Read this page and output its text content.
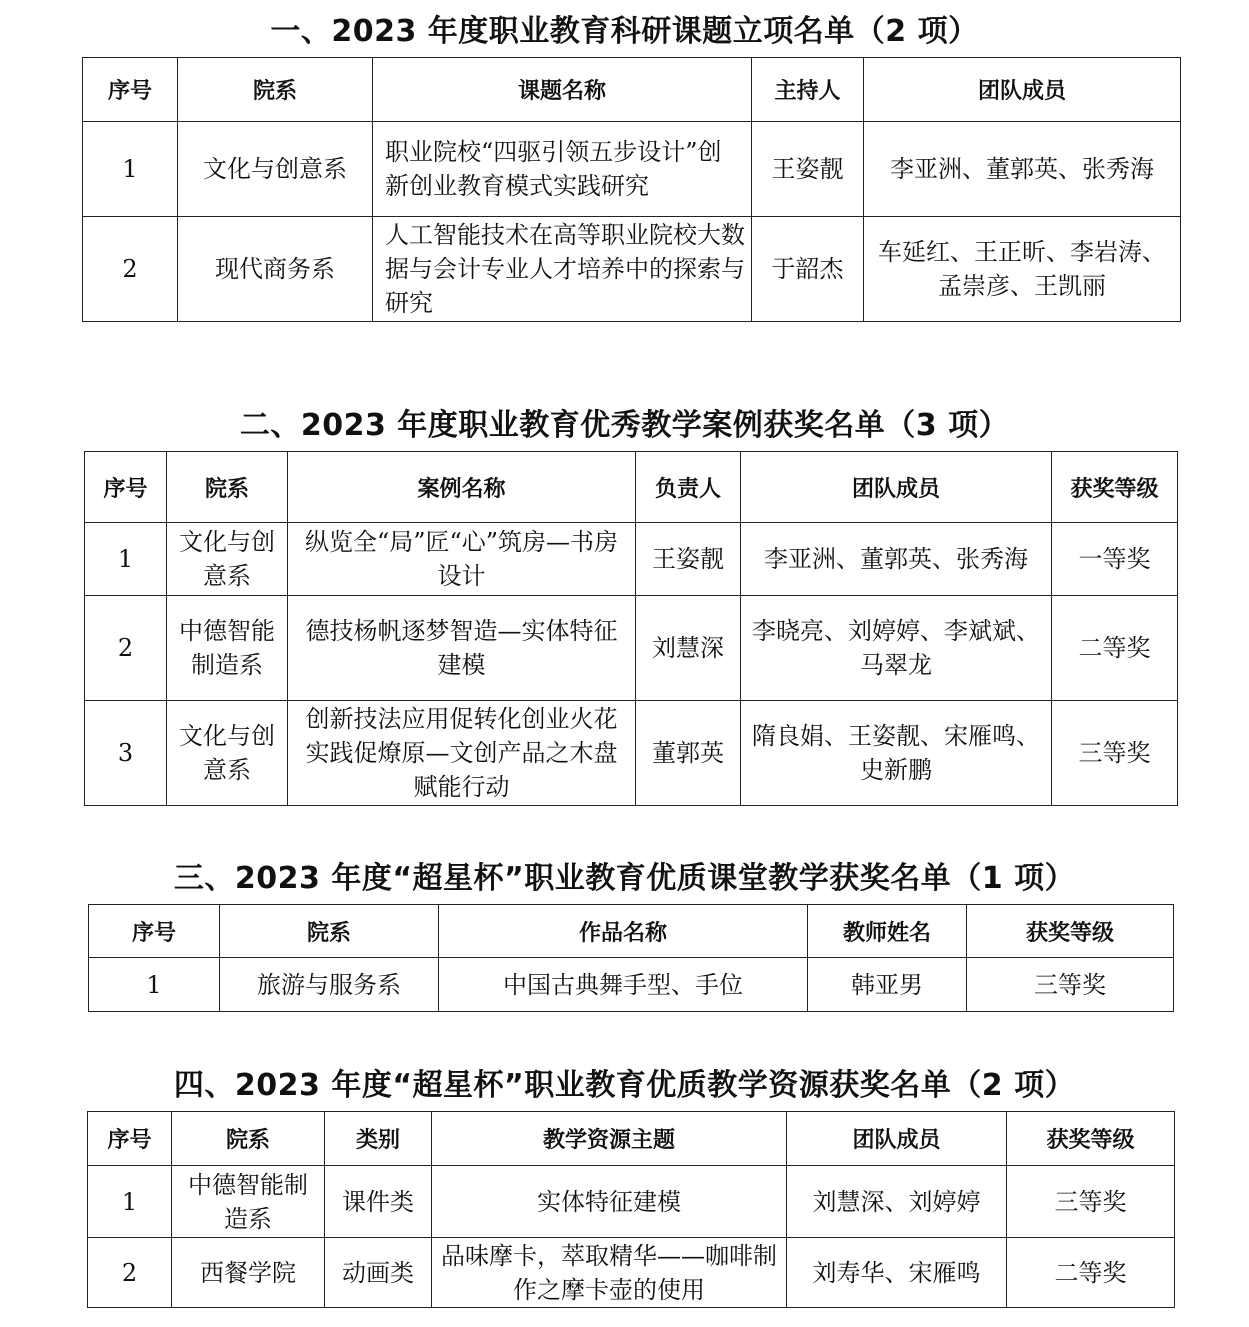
一、2023 年度职业教育科研课题立项名单（2 项）
序号	院系	课题名称	主持人	团队成员
1	文化与创意系	职业院校“四驱引领五步设计”创新创业教育模式实践研究	王姿靓	李亚洲、董郭英、张秀海
2	现代商务系	人工智能技术在高等职业院校大数据与会计专业人才培养中的探索与研究	于韶杰	车延红、王正昕、李岩涛、孟崇彦、王凯丽
二、2023 年度职业教育优秀教学案例获奖名单（3 项）
序号	院系	案例名称	负责人	团队成员	获奖等级
1	文化与创意系	纵览全“局”匠“心”筑房—书房设计	王姿靓	李亚洲、董郭英、张秀海	一等奖
2	中德智能制造系	德技杨帆逐梦智造—实体特征建模	刘慧深	李晓亮、刘婷婷、李斌斌、马翠龙	二等奖
3	文化与创意系	创新技法应用促转化创业火花实践促燎原—文创产品之木盘赋能行动	董郭英	隋良娟、王姿靓、宋雁鸣、史新鹏	三等奖
三、2023 年度“超星杯”职业教育优质课堂教学获奖名单（1 项）
序号	院系	作品名称	教师姓名	获奖等级
1	旅游与服务系	中国古典舞手型、手位	韩亚男	三等奖
四、2023 年度“超星杯”职业教育优质教学资源获奖名单（2 项）
序号	院系	类别	教学资源主题	团队成员	获奖等级
1	中德智能制造系	课件类	实体特征建模	刘慧深、刘婷婷	三等奖
2	西餐学院	动画类	品味摩卡，萃取精华——咖啡制作之摩卡壶的使用	刘寿华、宋雁鸣	二等奖
